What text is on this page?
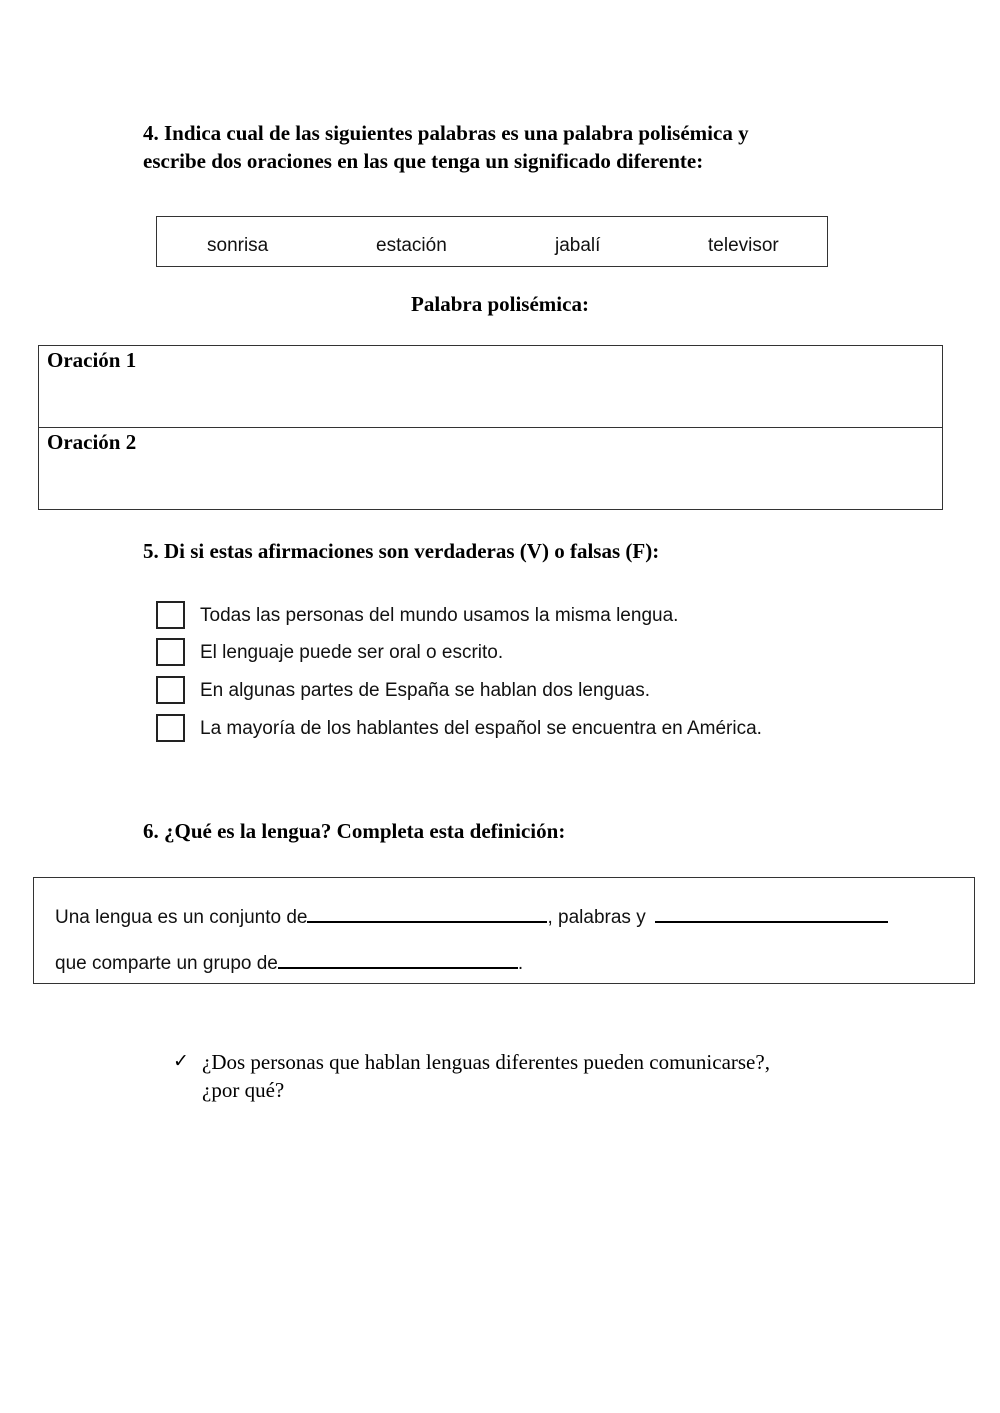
4. Indica cual de las siguientes palabras es una palabra polisémica y
escribe dos oraciones en las que tenga un significado diferente:
sonrisa	estación	jabalí	televisor
Palabra polisémica:
Oración 1
Oración 2
5. Di si estas afirmaciones son verdaderas (V) o falsas (F):
Todas las personas del mundo usamos la misma lengua.
El lenguaje puede ser oral o escrito.
En algunas partes de España se hablan dos lenguas.
La mayoría de los hablantes del español se encuentra en América.
6. ¿Qué es la lengua? Completa esta definición:
Una lengua es un conjunto de	, palabras y
que comparte un grupo de	.
✓ ¿Dos personas que hablan lenguas diferentes pueden comunicarse?,
¿por qué?
